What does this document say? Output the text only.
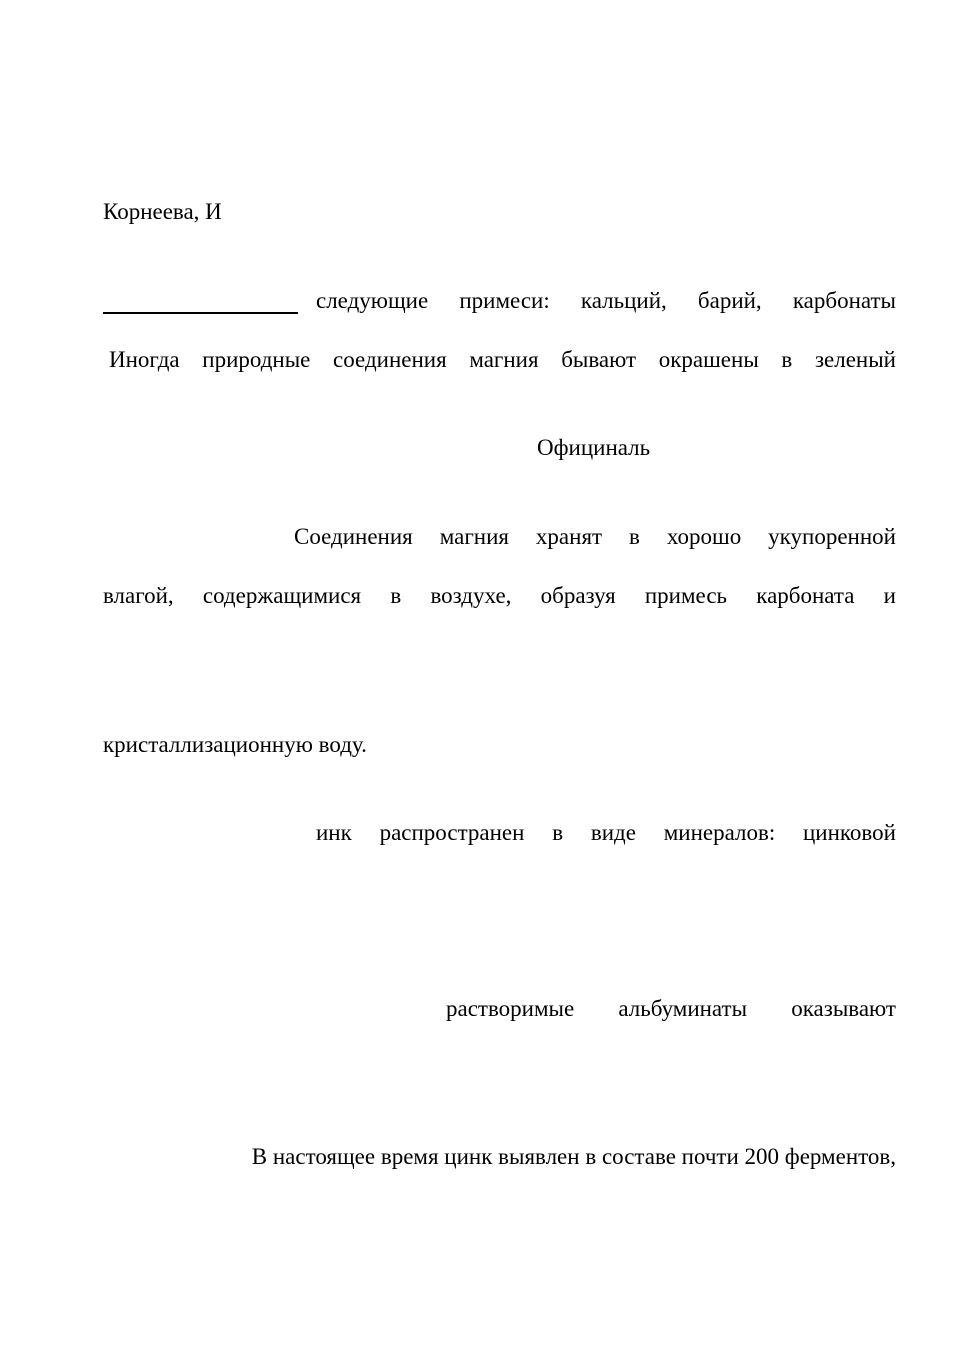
Корнеева, И
следующие примеси: кальций, барий, карбонаты
Иногда природные соединения магния бывают окрашены в зеленый
Официналь
Соединения магния хранят в хорошо укупоренной
влагой, содержащимися в воздухе, образуя примесь карбоната и
кристаллизационную воду.
инк распространен в виде минералов: цинковой
растворимые альбуминаты оказывают
В настоящее время цинк выявлен в составе почти 200 ферментов,
